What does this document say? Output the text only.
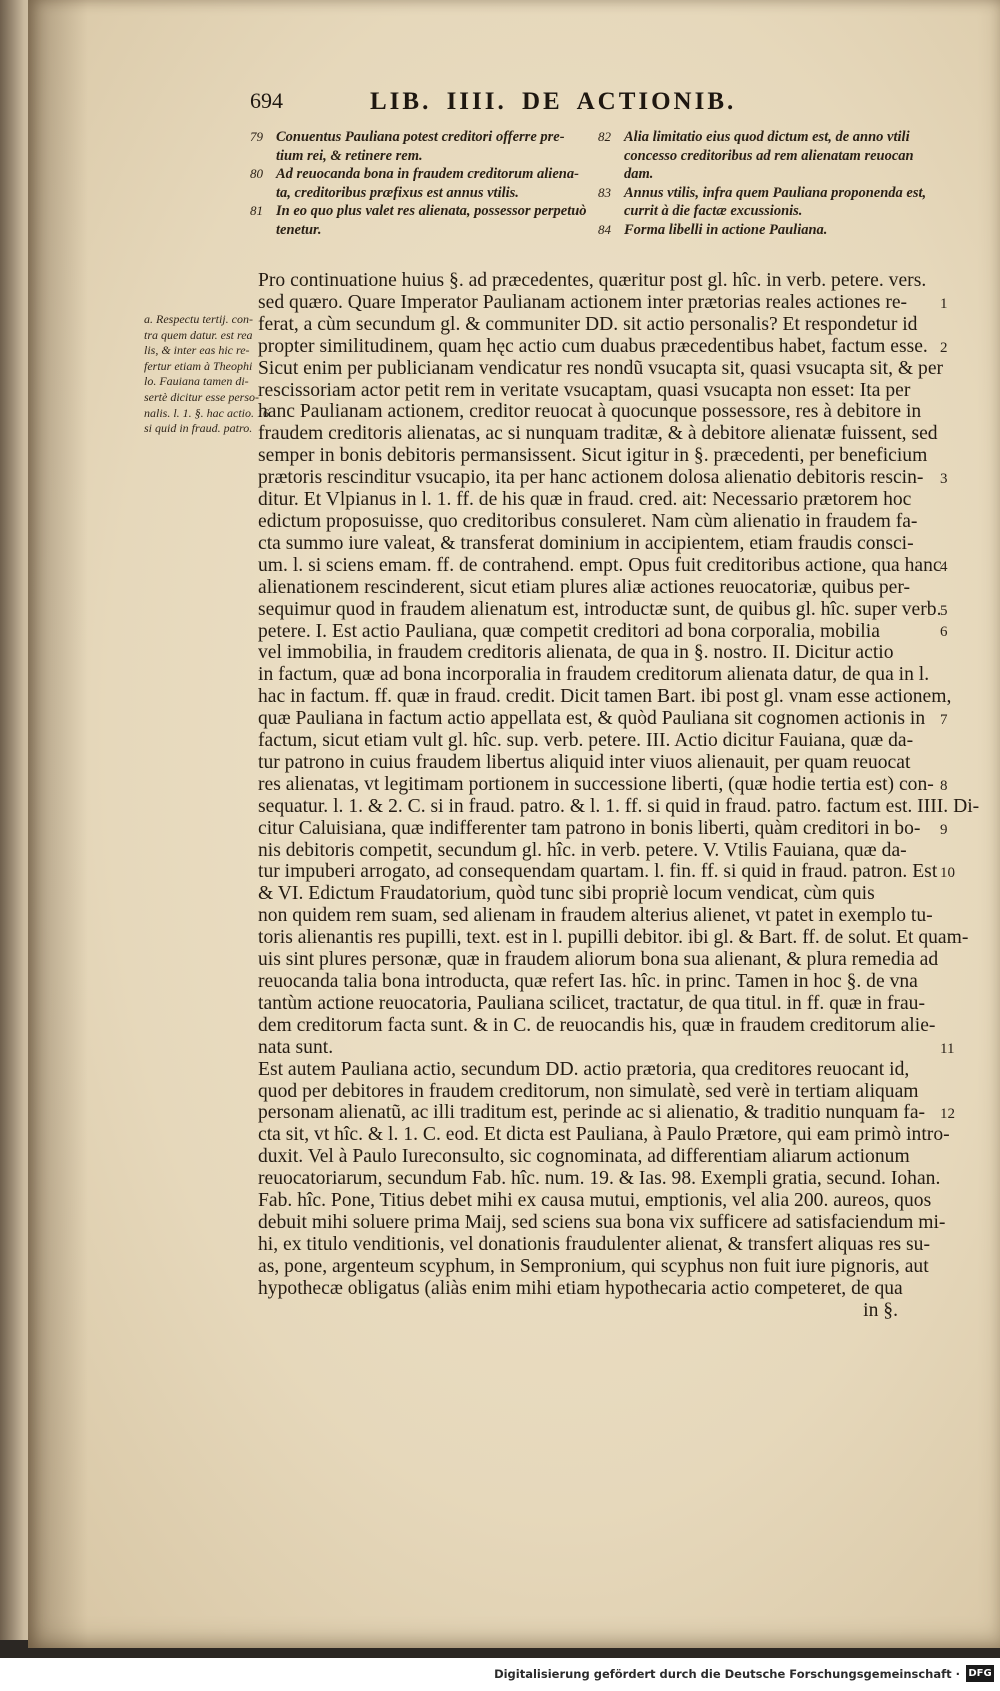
694	LIB. IIII. DE ACTIONIB.
79 Conuentus Pauliana potest creditori offerre pre-
tium rei, & retinere rem.
80 Ad reuocanda bona in fraudem creditorum aliena-
ta, creditoribus præfixus est annus vtilis.
81 In eo quo plus valet res alienata, possessor perpetuò
tenetur.
82 Alia limitatio eius quod dictum est, de anno vtili
concesso creditoribus ad rem alienatam reuocan
dam.
83 Annus vtilis, infra quem Pauliana proponenda est,
currit à die factæ excussionis.
84 Forma libelli in actione Pauliana.
a. Respectu tertij. con-
tra quem datur. est rea
lis, & inter eas hic re-
fertur etiam à Theophi
lo. Fauiana tamen di-
sertè dicitur esse perso-
nalis. l. 1. §. hac actio. 16.
si quid in fraud. patro.
Pro continuatione huius §. ad præcedentes, quæritur post gl. hîc. in verb. petere. vers.
sed quæro. Quare Imperator Paulianam actionem inter prætorias reales actiones re-
ferat, a cùm secundum gl. & communiter DD. sit actio personalis? Et respondetur id
propter similitudinem, quam hęc actio cum duabus præcedentibus habet, factum esse.
Sicut enim per publicianam vendicatur res nondũ vsucapta sit, quasi vsucapta sit, & per
rescissoriam actor petit rem in veritate vsucaptam, quasi vsucapta non esset: Ita per
hanc Paulianam actionem, creditor reuocat à quocunque possessore, res à debitore in
fraudem creditoris alienatas, ac si nunquam traditæ, & à debitore alienatæ fuissent, sed
semper in bonis debitoris permansissent. Sicut igitur in §. præcedenti, per beneficium
prætoris rescinditur vsucapio, ita per hanc actionem dolosa alienatio debitoris rescin-
ditur. Et Vlpianus in l. 1. ff. de his quæ in fraud. cred. ait: Necessario prætorem hoc
edictum proposuisse, quo creditoribus consuleret. Nam cùm alienatio in fraudem fa-
cta summo iure valeat, & transferat dominium in accipientem, etiam fraudis consci-
um. l. si sciens emam. ff. de contrahend. empt. Opus fuit creditoribus actione, qua hanc
alienationem rescinderent, sicut etiam plures aliæ actiones reuocatoriæ, quibus per-
sequimur quod in fraudem alienatum est, introductæ sunt, de quibus gl. hîc. super verb.
petere. I. Est actio Pauliana, quæ competit creditori ad bona corporalia, mobilia
vel immobilia, in fraudem creditoris alienata, de qua in §. nostro. II. Dicitur actio
in factum, quæ ad bona incorporalia in fraudem creditorum alienata datur, de qua in l.
hac in factum. ff. quæ in fraud. credit. Dicit tamen Bart. ibi post gl. vnam esse actionem,
quæ Pauliana in factum actio appellata est, & quòd Pauliana sit cognomen actionis in
factum, sicut etiam vult gl. hîc. sup. verb. petere. III. Actio dicitur Fauiana, quæ da-
tur patrono in cuius fraudem libertus aliquid inter viuos alienauit, per quam reuocat
res alienatas, vt legitimam portionem in successione liberti, (quæ hodie tertia est) con-
sequatur. l. 1. & 2. C. si in fraud. patro. & l. 1. ff. si quid in fraud. patro. factum est. IIII. Di-
citur Caluisiana, quæ indifferenter tam patrono in bonis liberti, quàm creditori in bo-
nis debitoris competit, secundum gl. hîc. in verb. petere. V. Vtilis Fauiana, quæ da-
tur impuberi arrogato, ad consequendam quartam. l. fin. ff. si quid in fraud. patron. Est
& VI. Edictum Fraudatorium, quòd tunc sibi propriè locum vendicat, cùm quis
non quidem rem suam, sed alienam in fraudem alterius alienet, vt patet in exemplo tu-
toris alienantis res pupilli, text. est in l. pupilli debitor. ibi gl. & Bart. ff. de solut. Et quam-
uis sint plures personæ, quæ in fraudem aliorum bona sua alienant, & plura remedia ad
reuocanda talia bona introducta, quæ refert Ias. hîc. in princ. Tamen in hoc §. de vna
tantùm actione reuocatoria, Pauliana scilicet, tractatur, de qua titul. in ff. quæ in frau-
dem creditorum facta sunt. & in C. de reuocandis his, quæ in fraudem creditorum alie-
nata sunt.
Est autem Pauliana actio, secundum DD. actio prætoria, qua creditores reuocant id,
quod per debitores in fraudem creditorum, non simulatè, sed verè in tertiam aliquam
personam alienatũ, ac illi traditum est, perinde ac si alienatio, & traditio nunquam fa-
cta sit, vt hîc. & l. 1. C. eod. Et dicta est Pauliana, à Paulo Prætore, qui eam primò intro-
duxit. Vel à Paulo Iureconsulto, sic cognominata, ad differentiam aliarum actionum
reuocatoriarum, secundum Fab. hîc. num. 19. & Ias. 98. Exempli gratia, secund. Iohan.
Fab. hîc. Pone, Titius debet mihi ex causa mutui, emptionis, vel alia 200. aureos, quos
debuit mihi soluere prima Maij, sed sciens sua bona vix sufficere ad satisfaciendum mi-
hi, ex titulo venditionis, vel donationis fraudulenter alienat, & transfert aliquas res su-
as, pone, argenteum scyphum, in Sempronium, qui scyphus non fuit iure pignoris, aut
hypothecæ obligatus (aliàs enim mihi etiam hypothecaria actio competeret, de qua
in §.
1
2
3
4
5
6
7
8
9
10
11
12
Digitalisierung gefördert durch die Deutsche Forschungsgemeinschaft · DFG
